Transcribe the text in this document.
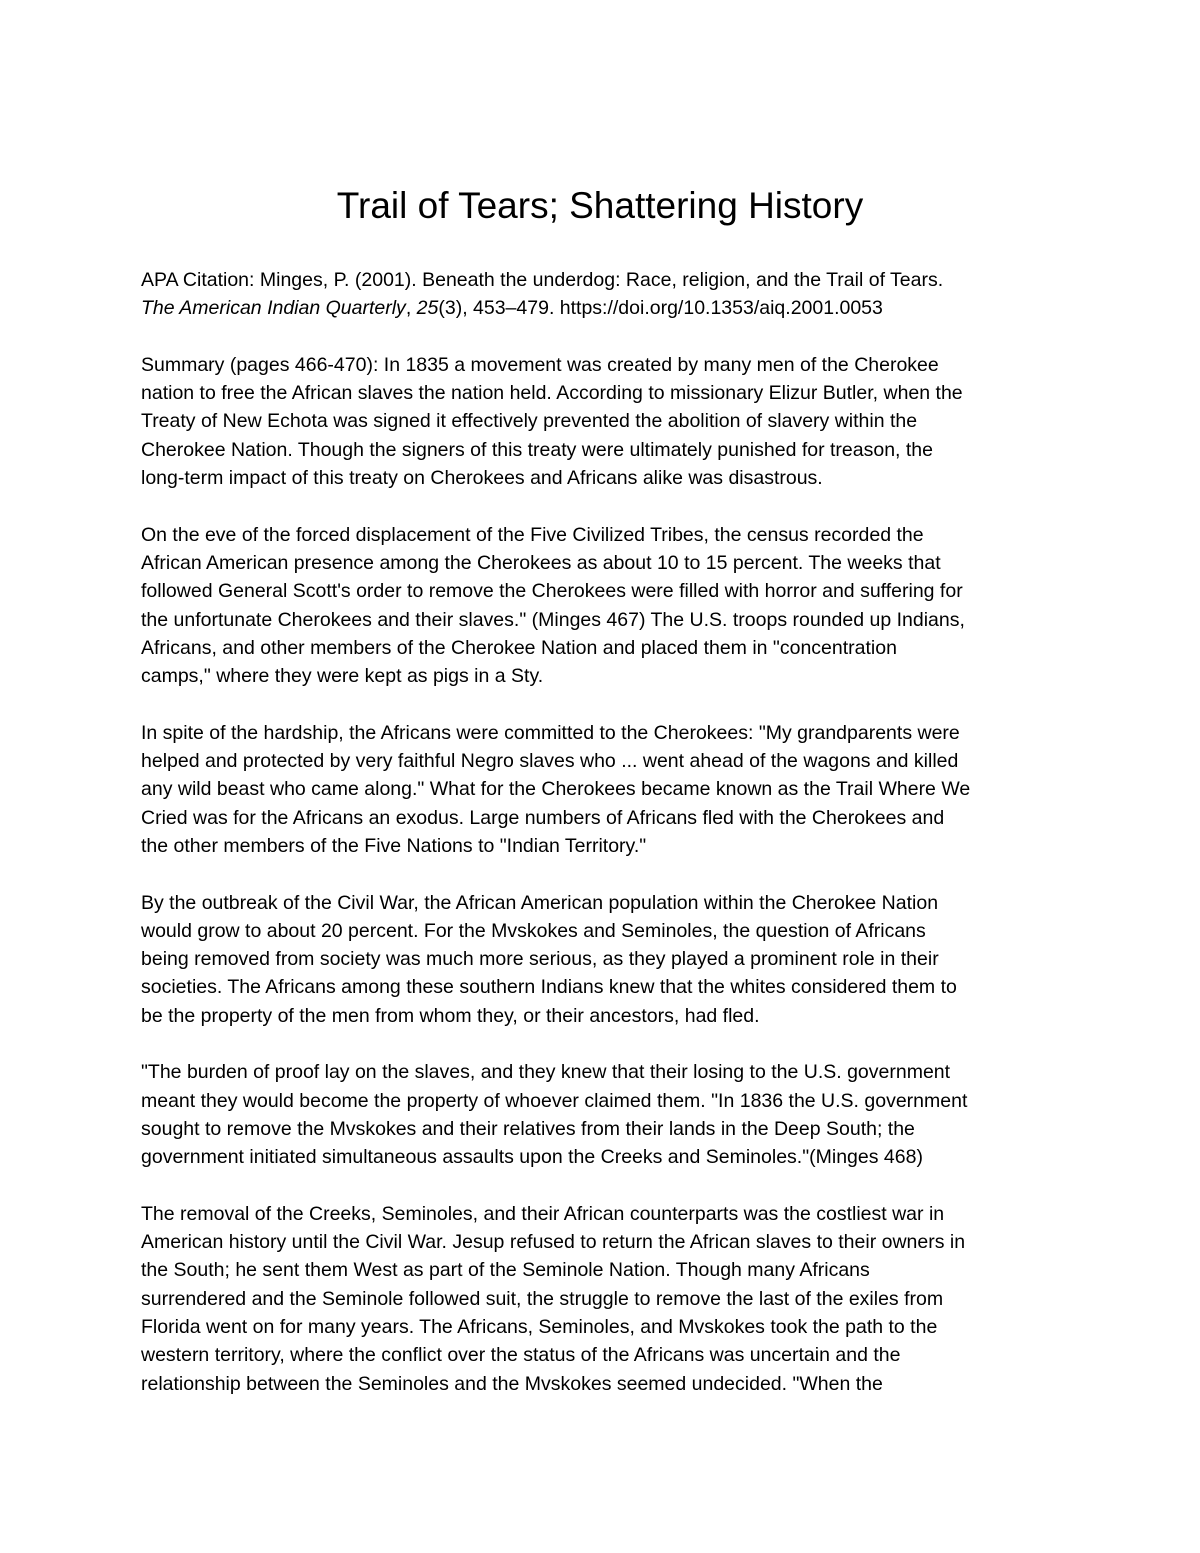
Trail of Tears; Shattering History

APA Citation: Minges, P. (2001). Beneath the underdog: Race, religion, and the Trail of Tears.
The American Indian Quarterly, 25(3), 453–479. https://doi.org/10.1353/aiq.2001.0053

Summary (pages 466-470): In 1835 a movement was created by many men of the Cherokee
nation to free the African slaves the nation held. According to missionary Elizur Butler, when the
Treaty of New Echota was signed it effectively prevented the abolition of slavery within the
Cherokee Nation. Though the signers of this treaty were ultimately punished for treason, the
long-term impact of this treaty on Cherokees and Africans alike was disastrous.

On the eve of the forced displacement of the Five Civilized Tribes, the census recorded the
African American presence among the Cherokees as about 10 to 15 percent. The weeks that
followed General Scott's order to remove the Cherokees were filled with horror and suffering for
the unfortunate Cherokees and their slaves." (Minges 467) The U.S. troops rounded up Indians,
Africans, and other members of the Cherokee Nation and placed them in "concentration
camps," where they were kept as pigs in a Sty.

In spite of the hardship, the Africans were committed to the Cherokees: "My grandparents were
helped and protected by very faithful Negro slaves who ... went ahead of the wagons and killed
any wild beast who came along." What for the Cherokees became known as the Trail Where We
Cried was for the Africans an exodus. Large numbers of Africans fled with the Cherokees and
the other members of the Five Nations to "Indian Territory."

By the outbreak of the Civil War, the African American population within the Cherokee Nation
would grow to about 20 percent. For the Mvskokes and Seminoles, the question of Africans
being removed from society was much more serious, as they played a prominent role in their
societies. The Africans among these southern Indians knew that the whites considered them to
be the property of the men from whom they, or their ancestors, had fled.

"The burden of proof lay on the slaves, and they knew that their losing to the U.S. government
meant they would become the property of whoever claimed them. "In 1836 the U.S. government
sought to remove the Mvskokes and their relatives from their lands in the Deep South; the
government initiated simultaneous assaults upon the Creeks and Seminoles."(Minges 468)

The removal of the Creeks, Seminoles, and their African counterparts was the costliest war in
American history until the Civil War. Jesup refused to return the African slaves to their owners in
the South; he sent them West as part of the Seminole Nation. Though many Africans
surrendered and the Seminole followed suit, the struggle to remove the last of the exiles from
Florida went on for many years. The Africans, Seminoles, and Mvskokes took the path to the
western territory, where the conflict over the status of the Africans was uncertain and the
relationship between the Seminoles and the Mvskokes seemed undecided. "When the
